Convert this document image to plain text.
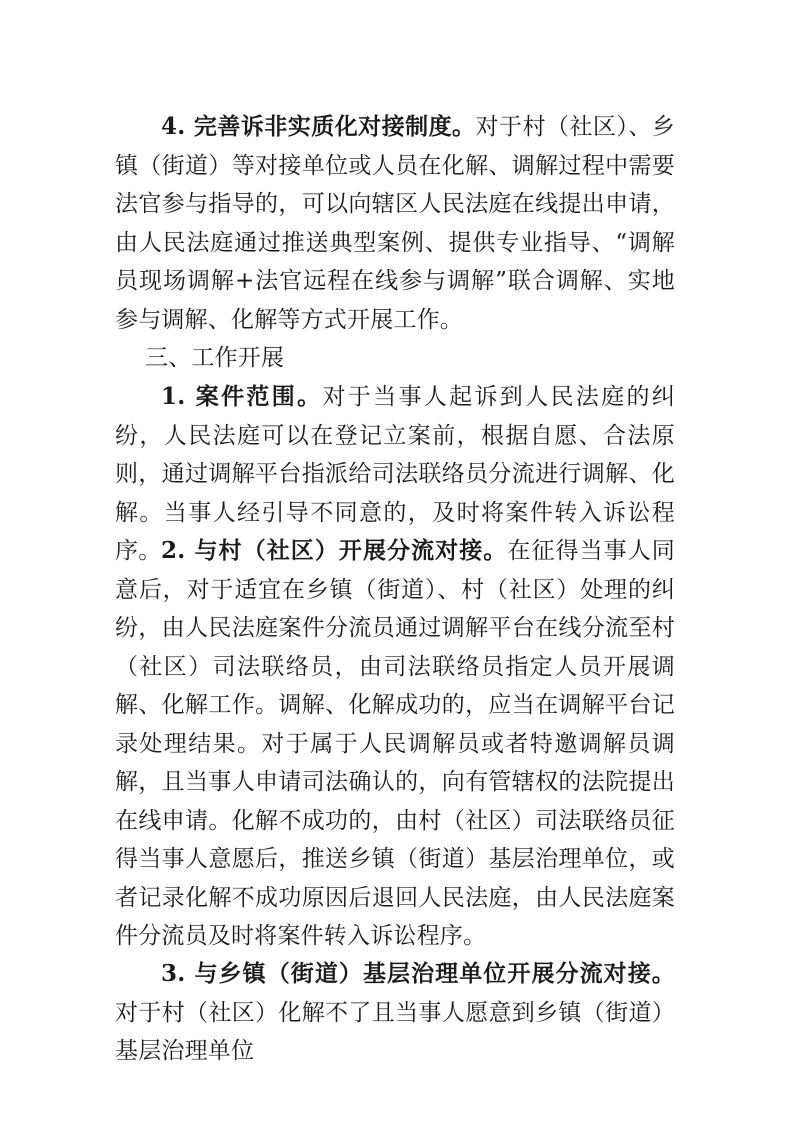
4. 完善诉非实质化对接制度。对于村（社区）、乡镇（街道）等对接单位或人员在化解、调解过程中需要法官参与指导的，可以向辖区人民法庭在线提出申请，由人民法庭通过推送典型案例、提供专业指导、“调解员现场调解+法官远程在线参与调解”联合调解、实地参与调解、化解等方式开展工作。
三、工作开展
1. 案件范围。对于当事人起诉到人民法庭的纠纷，人民法庭可以在登记立案前，根据自愿、合法原则，通过调解平台指派给司法联络员分流进行调解、化解。当事人经引导不同意的，及时将案件转入诉讼程序。 2. 与村（社区）开展分流对接。在征得当事人同意后，对于适宜在乡镇（街道）、村（社区）处理的纠纷，由人民法庭案件分流员通过调解平台在线分流至村（社区）司法联络员，由司法联络员指定人员开展调解、化解工作。调解、化解成功的，应当在调解平台记录处理结果。对于属于人民调解员或者特邀调解员调解，且当事人申请司法确认的，向有管辖权的法院提出在线申请。化解不成功的，由村（社区）司法联络员征得当事人意愿后，推送乡镇（街道）基层治理单位，或者记录化解不成功原因后退回人民法庭，由人民法庭案件分流员及时将案件转入诉讼程序。
3. 与乡镇（街道）基层治理单位开展分流对接。对于村（社区）化解不了且当事人愿意到乡镇（街道）基层治理单位
